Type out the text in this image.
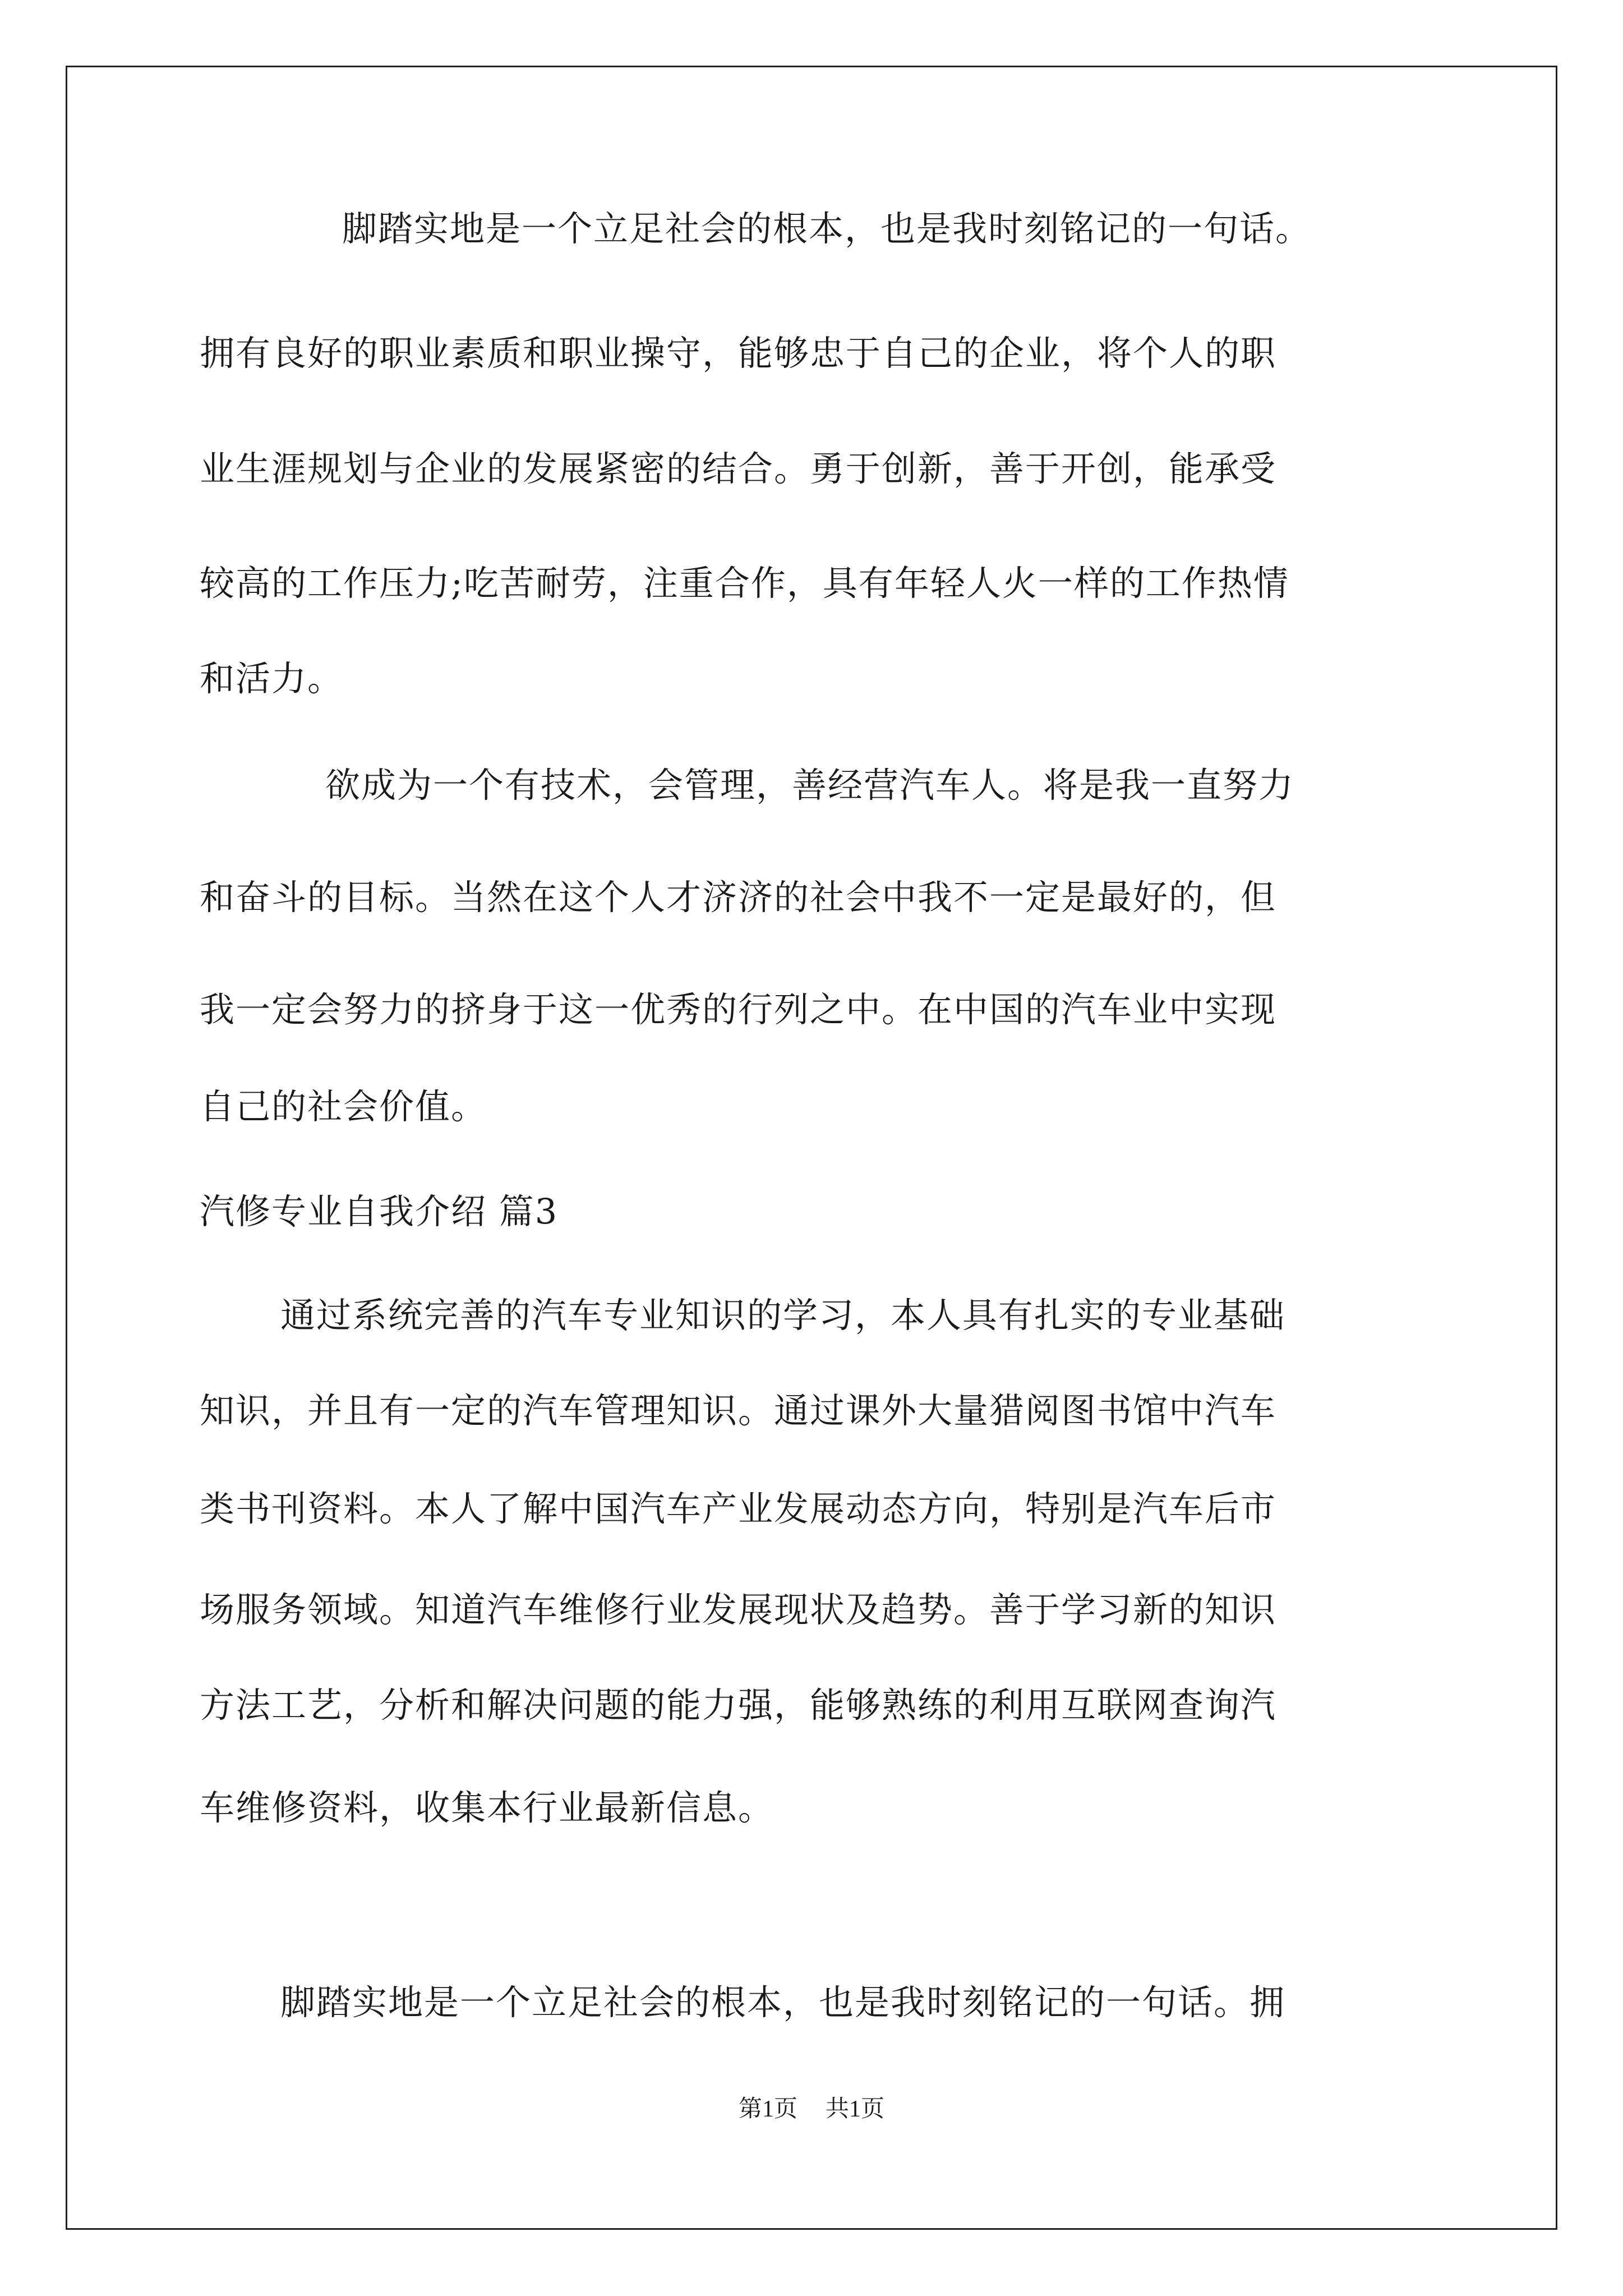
脚踏实地是一个立足社会的根本，也是我时刻铭记的一句话。
拥有良好的职业素质和职业操守，能够忠于自己的企业，将个人的职
业生涯规划与企业的发展紧密的结合。勇于创新，善于开创，能承受
较高的工作压力;吃苦耐劳，注重合作，具有年轻人火一样的工作热情
和活力。
欲成为一个有技术，会管理，善经营汽车人。将是我一直努力
和奋斗的目标。当然在这个人才济济的社会中我不一定是最好的，但
我一定会努力的挤身于这一优秀的行列之中。在中国的汽车业中实现
自己的社会价值。
汽修专业自我介绍 篇3
通过系统完善的汽车专业知识的学习，本人具有扎实的专业基础
知识，并且有一定的汽车管理知识。通过课外大量猎阅图书馆中汽车
类书刊资料。本人了解中国汽车产业发展动态方向，特别是汽车后市
场服务领域。知道汽车维修行业发展现状及趋势。善于学习新的知识
方法工艺，分析和解决问题的能力强，能够熟练的利用互联网查询汽
车维修资料，收集本行业最新信息。
脚踏实地是一个立足社会的根本，也是我时刻铭记的一句话。拥
第1页 共1页
